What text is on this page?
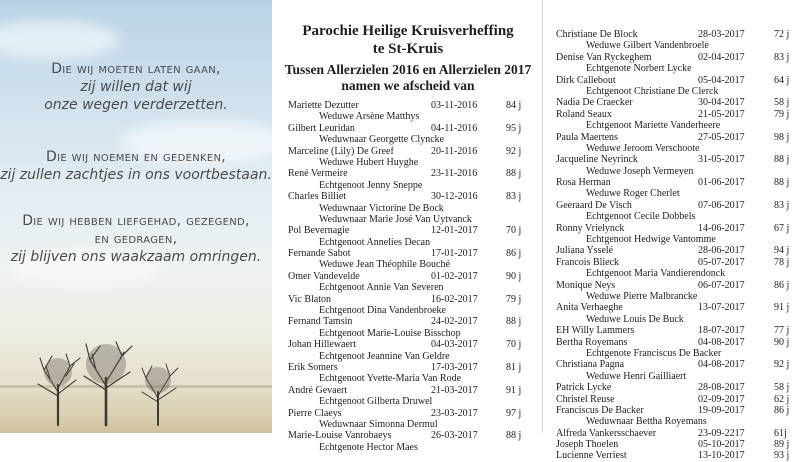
Die wij moeten laten gaan,
zij willen dat wij
onze wegen verderzetten.
Die wij noemen en gedenken,
zij zullen zachtjes in ons voortbestaan.
Die wij hebben liefgehad, gezegend,
en gedragen,
zij blijven ons waakzaam omringen.
Parochie Heilige Kruisverheffing
te St-Kruis
Tussen Allerzielen 2016 en Allerzielen 2017
namen we afscheid van
Mariette Dezutter	03-11-2016	84 j
Weduwe Arsène Matthys
Gilbert Leuridan	04-11-2016	95 j
Weduwnaar Georgette Clyncke
Marceline (Lily) De Greef	20-11-2016	92 j
Weduwe Hubert Huyghe
René Vermeire	23-11-2016	88 j
Echtgenoot Jenny Sneppe
Charles Billiet	30-12-2016	83 j
Weduwnaar Victorine De Bock
Weduwnaar Marie José Van Uytvanck
Pol Bevernagie	12-01-2017	70 j
Echtgenoot Annelies Decan
Fernande Sabot	17-01-2017	86 j
Weduwe Jean Théophile Bouché
Omer Vandevelde	01-02-2017	90 j
Echtgenoot Annie Van Severen
Vic Blaton	16-02-2017	79 j
Echtgenoot Dina Vandenbroeke
Fernand Tamsin	24-02-2017	88 j
Echtgenoot Marie-Louise Bisschop
Johan Hillewaert	04-03-2017	70 j
Echtgenoot Jeannine Van Geldre
Erik Somers	17-03-2017	81 j
Echtgenoot Yvette-Maria Van Rode
André Gevaert	21-03-2017	91 j
Echtgenoot Gilberta Druwel
Pierre Claeys	23-03-2017	97 j
Weduwnaar Simonna Dermul
Marie-Louise Vanrobaeys	26-03-2017	88 j
Echtgenote Hector Maes
Christiane De Block	28-03-2017	72 j
Weduwe Gilbert Vandenbroele
Denise Van Ryckeghem	02-04-2017	83 j
Echtgenote Norbert Lycke
Dirk Callebout	05-04-2017	64 j
Echtgenoot Christiane De Clerck
Nadia De Craecker	30-04-2017	58 j
Roland Seaux	21-05-2017	79 j
Echtgenoot Mariette Vanderheere
Paula Maertens	27-05-2017	98 j
Weduwe Jeroom Verschoote
Jacqueline Neyrinck	31-05-2017	88 j
Weduwe Joseph Vermeyen
Rosa Herman	01-06-2017	88 j
Weduwe Roger Cherlet
Geeraard De Visch	07-06-2017	83 j
Echtgenoot Cecile Dobbels
Ronny Vrielynck	14-06-2017	67 j
Echtgenoot Hedwige Vantomme
Juliana Ysselé	28-06-2017	94 j
Francois Blieck	05-07-2017	78 j
Echtgenoot Maria Vandierendonck
Monique Neys	06-07-2017	86 j
Weduwe Pierre Malbrancke
Anita Verhaeghe	13-07-2017	91 j
Weduwe Louis De Buck
EH Willy Lammers	18-07-2017	77 j
Bertha Royemans	04-08-2017	90 j
Echtgenote Franciscus De Backer
Christiana Pagna	04-08-2017	92 j
Weduwe Henri Gailliaert
Patrick Lycke	28-08-2017	58 j
Christel Reuse	02-09-2017	62 j
Franciscus De Backer	19-09-2017	86 j
Weduwnaar Bettha Royemans
Alfreda Vankersschaever	23-09-2217	61j
Joseph Thoelen	05-10-2017	89 j
Lucienne Verriest	13-10-2017	93 j
